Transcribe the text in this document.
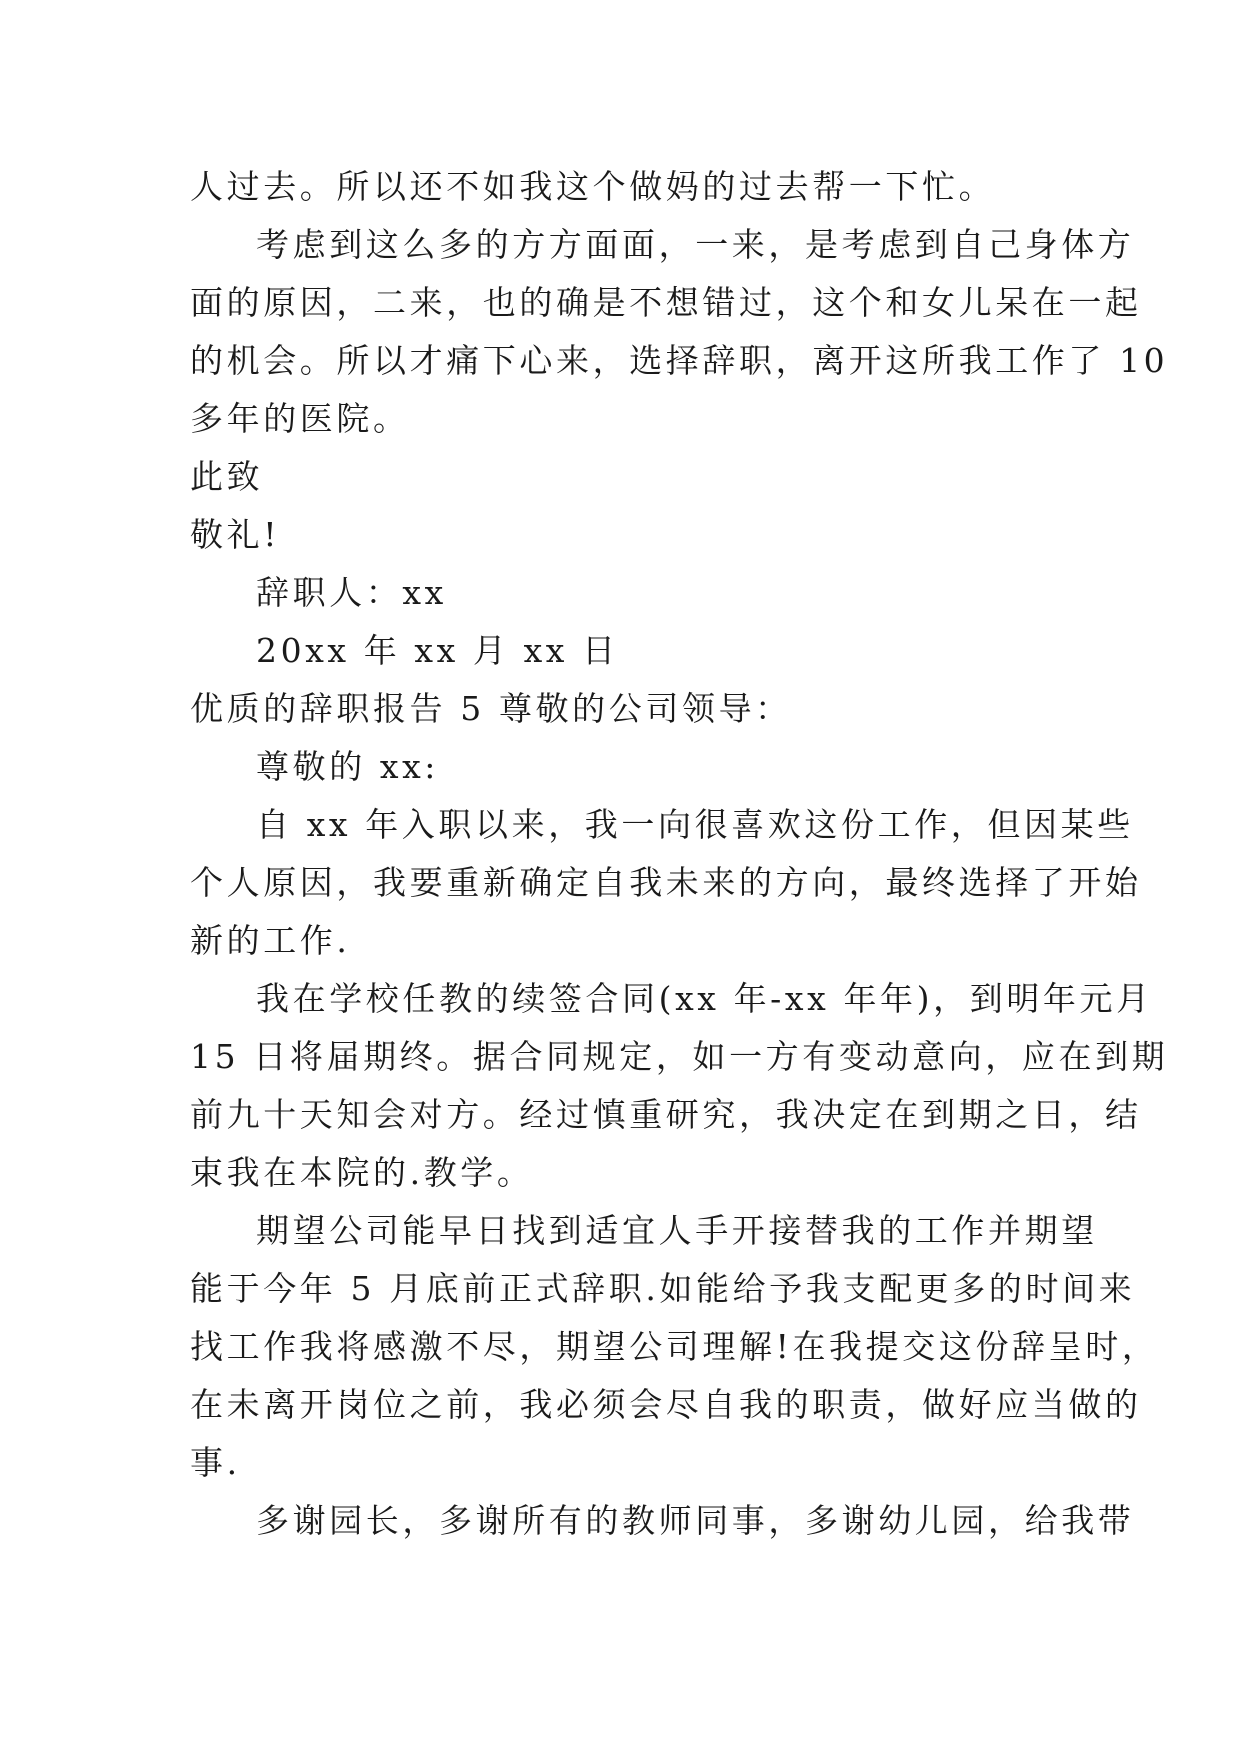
人过去。所以还不如我这个做妈的过去帮一下忙。
考虑到这么多的方方面面，一来，是考虑到自己身体方
面的原因，二来，也的确是不想错过，这个和女儿呆在一起
的机会。所以才痛下心来，选择辞职，离开这所我工作了 10
多年的医院。
此致
敬礼!
辞职人：xx
20xx 年 xx 月 xx 日
优质的辞职报告 5 尊敬的公司领导：
尊敬的 xx:
自 xx 年入职以来，我一向很喜欢这份工作，但因某些
个人原因，我要重新确定自我未来的方向，最终选择了开始
新的工作.
我在学校任教的续签合同(xx 年-xx 年年)，到明年元月
15 日将届期终。据合同规定，如一方有变动意向，应在到期
前九十天知会对方。经过慎重研究，我决定在到期之日，结
束我在本院的.教学。
期望公司能早日找到适宜人手开接替我的工作并期望
能于今年 5 月底前正式辞职.如能给予我支配更多的时间来
找工作我将感激不尽，期望公司理解!在我提交这份辞呈时，
在未离开岗位之前，我必须会尽自我的职责，做好应当做的
事.
多谢园长，多谢所有的教师同事，多谢幼儿园，给我带
